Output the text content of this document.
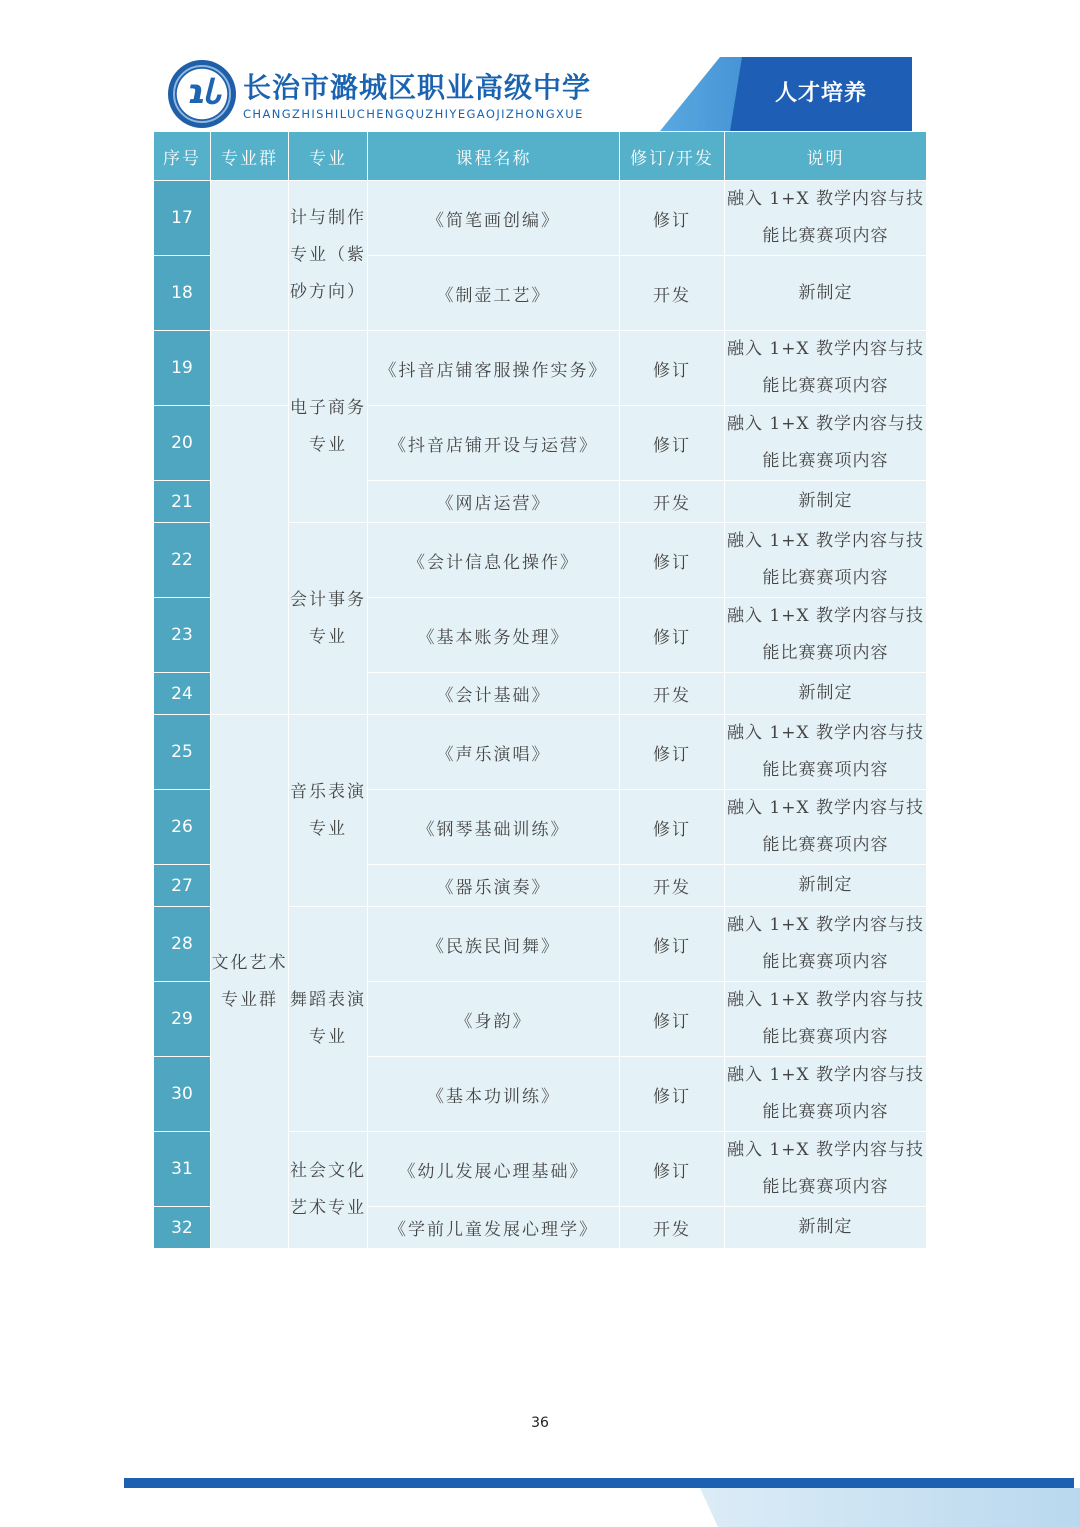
ɿᏓ 长治市潞城区职业高级中学
CHANGZHISHILUCHENGQUZHIYEGAOJIZHONGXUE
人才培养
序号	专业群	专业	课程名称	修订/开发	说明
17		计与制作专业（紫砂方向）	《简笔画创编》	修订	融入 1+X 教学内容与技能比赛赛项内容
18			《制壶工艺》	开发	新制定
19		电子商务专业	《抖音店铺客服操作实务》	修订	融入 1+X 教学内容与技能比赛赛项内容
20			《抖音店铺开设与运营》	修订	融入 1+X 教学内容与技能比赛赛项内容
21			《网店运营》	开发	新制定
22		会计事务专业	《会计信息化操作》	修订	融入 1+X 教学内容与技能比赛赛项内容
23			《基本账务处理》	修订	融入 1+X 教学内容与技能比赛赛项内容
24			《会计基础》	开发	新制定
25	文化艺术专业群	音乐表演专业	《声乐演唱》	修订	融入 1+X 教学内容与技能比赛赛项内容
26			《钢琴基础训练》	修订	融入 1+X 教学内容与技能比赛赛项内容
27			《器乐演奏》	开发	新制定
28		舞蹈表演专业	《民族民间舞》	修订	融入 1+X 教学内容与技能比赛赛项内容
29			《身韵》	修订	融入 1+X 教学内容与技能比赛赛项内容
30			《基本功训练》	修订	融入 1+X 教学内容与技能比赛赛项内容
31		社会文化艺术专业	《幼儿发展心理基础》	修订	融入 1+X 教学内容与技能比赛赛项内容
32			《学前儿童发展心理学》	开发	新制定
36
